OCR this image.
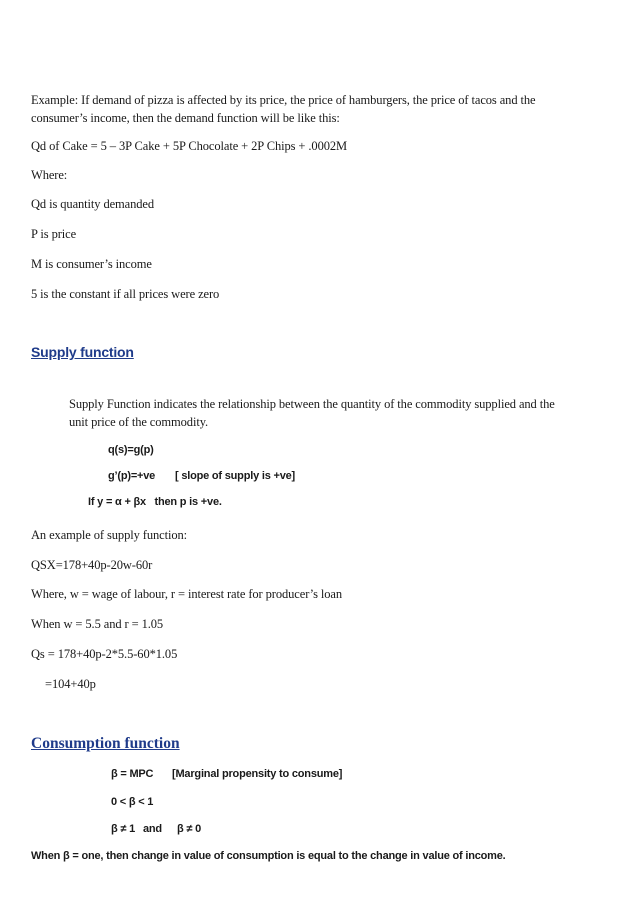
Example: If demand of pizza is affected by its price, the price of hamburgers, the price of tacos and the
consumer’s income, then the demand function will be like this:
Qd of Cake = 5 – 3P Cake + 5P Chocolate + 2P Chips + .0002M
Where:
Qd is quantity demanded
P is price
M is consumer’s income
5 is the constant if all prices were zero
Supply function
Supply Function indicates the relationship between the quantity of the commodity supplied and the
unit price of the commodity.
q(s)=g(p)
g’(p)=+ve [ slope of supply is +ve]
If y = α + βx   then p is +ve.
An example of supply function:
QSX=178+40p-20w-60r
Where, w = wage of labour, r = interest rate for producer’s loan
When w = 5.5 and r = 1.05
Qs = 178+40p-2*5.5-60*1.05
=104+40p
Consumption function
β = MPC [Marginal propensity to consume]
0 < β < 1
β ≠ 1 and β ≠ 0
When β = one, then change in value of consumption is equal to the change in value of income.
